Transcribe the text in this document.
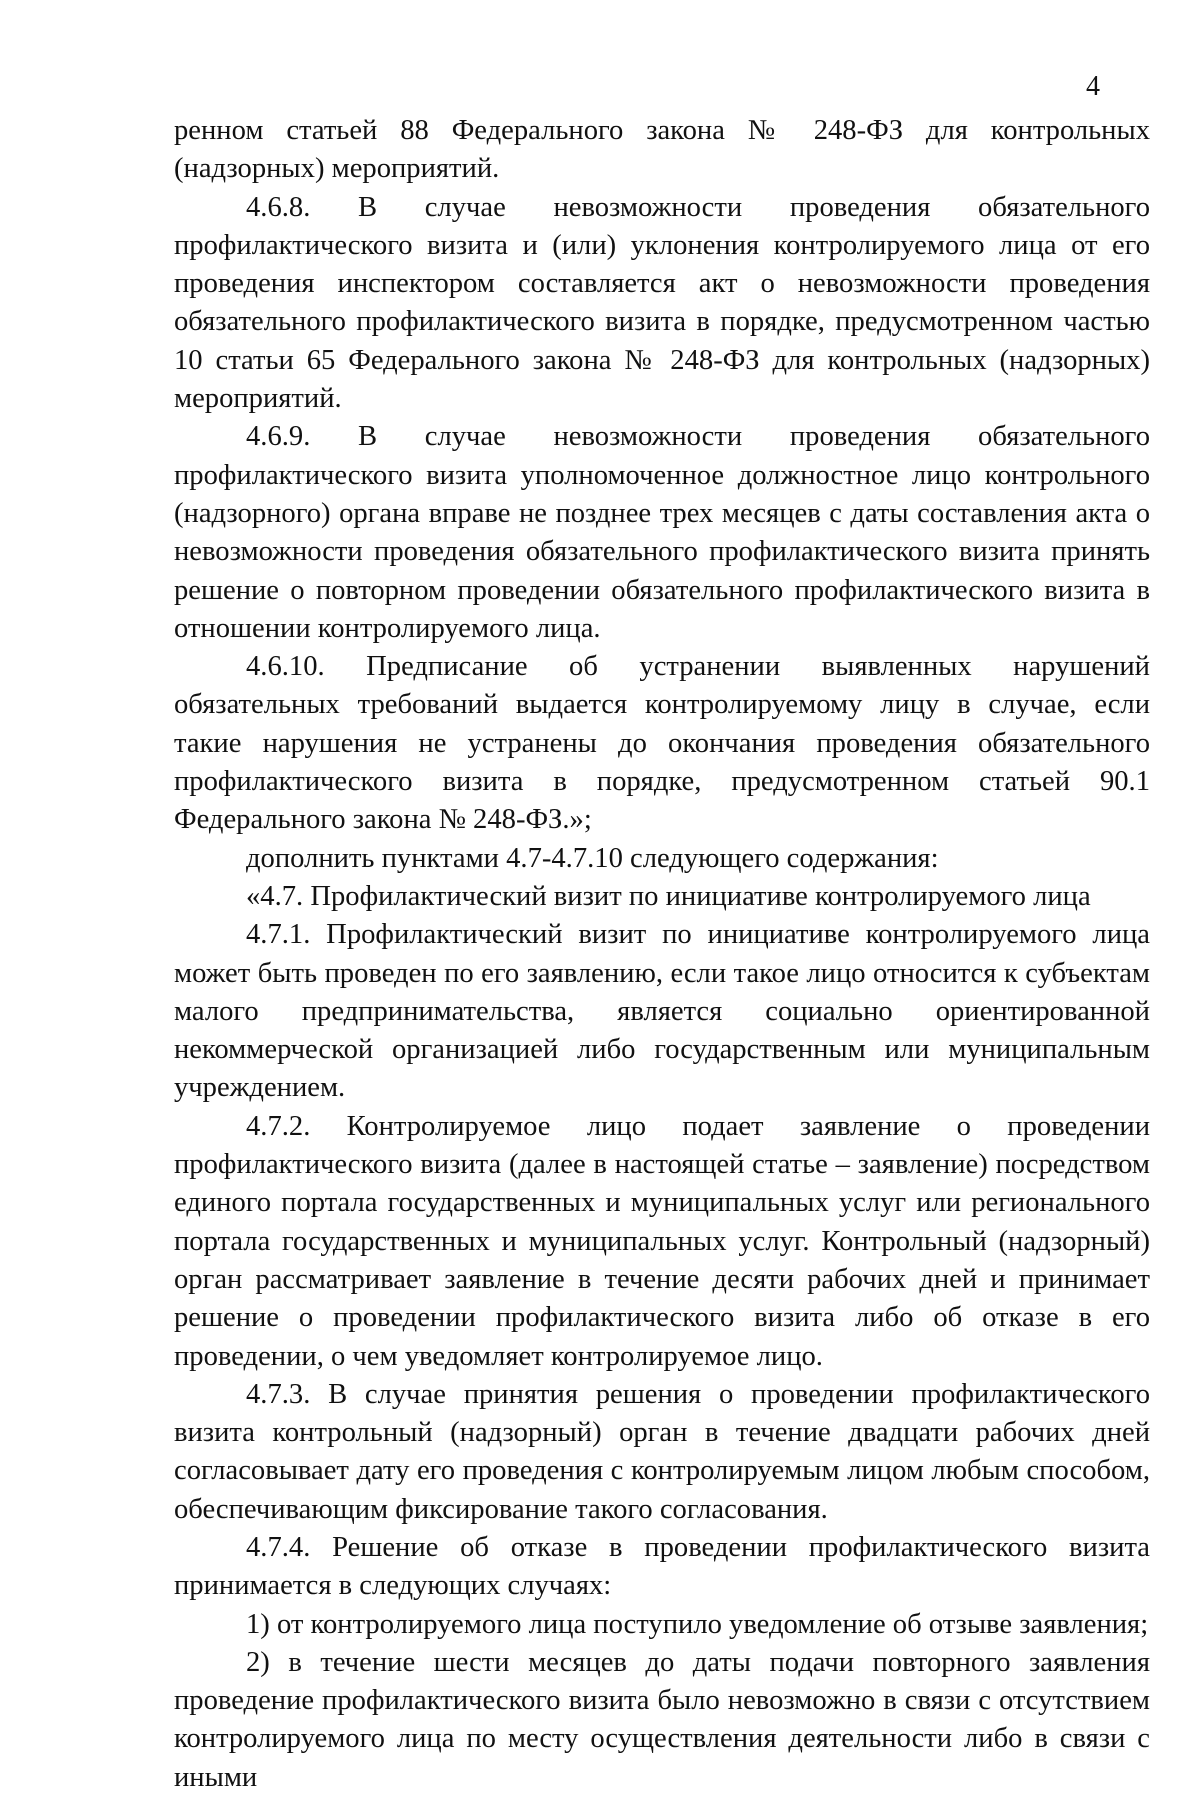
4

ренном статьей 88 Федерального закона № 248-ФЗ для контрольных (надзорных) мероприятий.

4.6.8. В случае невозможности проведения обязательного профилактического визита и (или) уклонения контролируемого лица от его проведения инспектором составляется акт о невозможности проведения обязательного профилактического визита в порядке, предусмотренном частью 10 статьи 65 Федерального закона № 248-ФЗ для контрольных (надзорных) мероприятий.

4.6.9. В случае невозможности проведения обязательного профилактического визита уполномоченное должностное лицо контрольного (надзорного) органа вправе не позднее трех месяцев с даты составления акта о невозможности проведения обязательного профилактического визита принять решение о повторном проведении обязательного профилактического визита в отношении контролируемого лица.

4.6.10. Предписание об устранении выявленных нарушений обязательных требований выдается контролируемому лицу в случае, если такие нарушения не устранены до окончания проведения обязательного профилактического визита в порядке, предусмотренном статьей 90.1 Федерального закона № 248-ФЗ.»;

дополнить пунктами 4.7-4.7.10 следующего содержания:

«4.7. Профилактический визит по инициативе контролируемого лица

4.7.1. Профилактический визит по инициативе контролируемого лица может быть проведен по его заявлению, если такое лицо относится к субъектам малого предпринимательства, является социально ориентированной некоммерческой организацией либо государственным или муниципальным учреждением.

4.7.2. Контролируемое лицо подает заявление о проведении профилактического визита (далее в настоящей статье – заявление) посредством единого портала государственных и муниципальных услуг или регионального портала государственных и муниципальных услуг. Контрольный (надзорный) орган рассматривает заявление в течение десяти рабочих дней и принимает решение о проведении профилактического визита либо об отказе в его проведении, о чем уведомляет контролируемое лицо.

4.7.3. В случае принятия решения о проведении профилактического визита контрольный (надзорный) орган в течение двадцати рабочих дней согласовывает дату его проведения с контролируемым лицом любым способом, обеспечивающим фиксирование такого согласования.

4.7.4. Решение об отказе в проведении профилактического визита принимается в следующих случаях:

1) от контролируемого лица поступило уведомление об отзыве заявления;

2) в течение шести месяцев до даты подачи повторного заявления проведение профилактического визита было невозможно в связи с отсутствием контролируемого лица по месту осуществления деятельности либо в связи с иными
